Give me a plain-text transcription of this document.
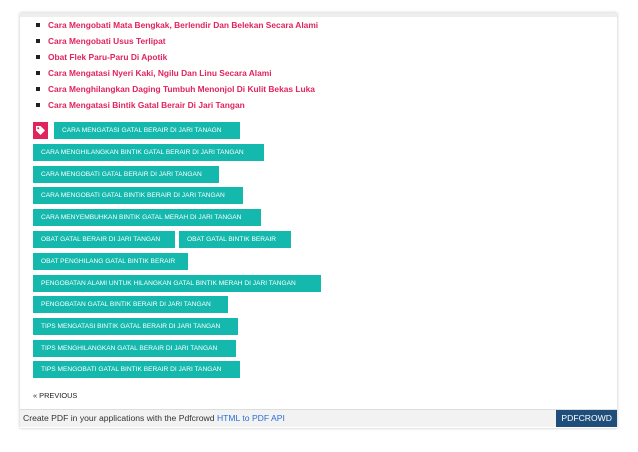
Cara Mengobati Mata Bengkak, Berlendir Dan Belekan Secara Alami
Cara Mengobati Usus Terlipat
Obat Flek Paru-Paru Di Apotik
Cara Mengatasi Nyeri Kaki, Ngilu Dan Linu Secara Alami
Cara Menghilangkan Daging Tumbuh Menonjol Di Kulit Bekas Luka
Cara Mengatasi Bintik Gatal Berair Di Jari Tangan
CARA MENGATASI GATAL BERAIR DI JARI TANAGN
CARA MENGHILANGKAN BINTIK GATAL BERAIR DI JARI TANGAN
CARA MENGOBATI GATAL BERAIR DI JARI TANGAN
CARA MENGOBATI GATAL BINTIK BERAIR DI JARI TANGAN
CARA MENYEMBUHKAN BINTIK GATAL MERAH DI JARI TANGAN
OBAT GATAL BERAIR DI JARI TANGAN	OBAT GATAL BINTIK BERAIR
OBAT PENGHILANG GATAL BINTIK BERAIR
PENGOBATAN ALAMI UNTUK HILANGKAN GATAL BINTIK MERAH DI JARI TANGAN
PENGOBATAN GATAL BINTIK BERAIR DI JARI TANGAN
TIPS MENGATASI BINTIK GATAL BERAIR DI JARI TANGAN
TIPS MENGHILANGKAN GATAL BERAIR DI JARI TANGAN
TIPS MENGOBATI GATAL BINTIK BERAIR DI JARI TANGAN
« PREVIOUS
Create PDF in your applications with the Pdfcrowd HTML to PDF API	PDFCROWD
